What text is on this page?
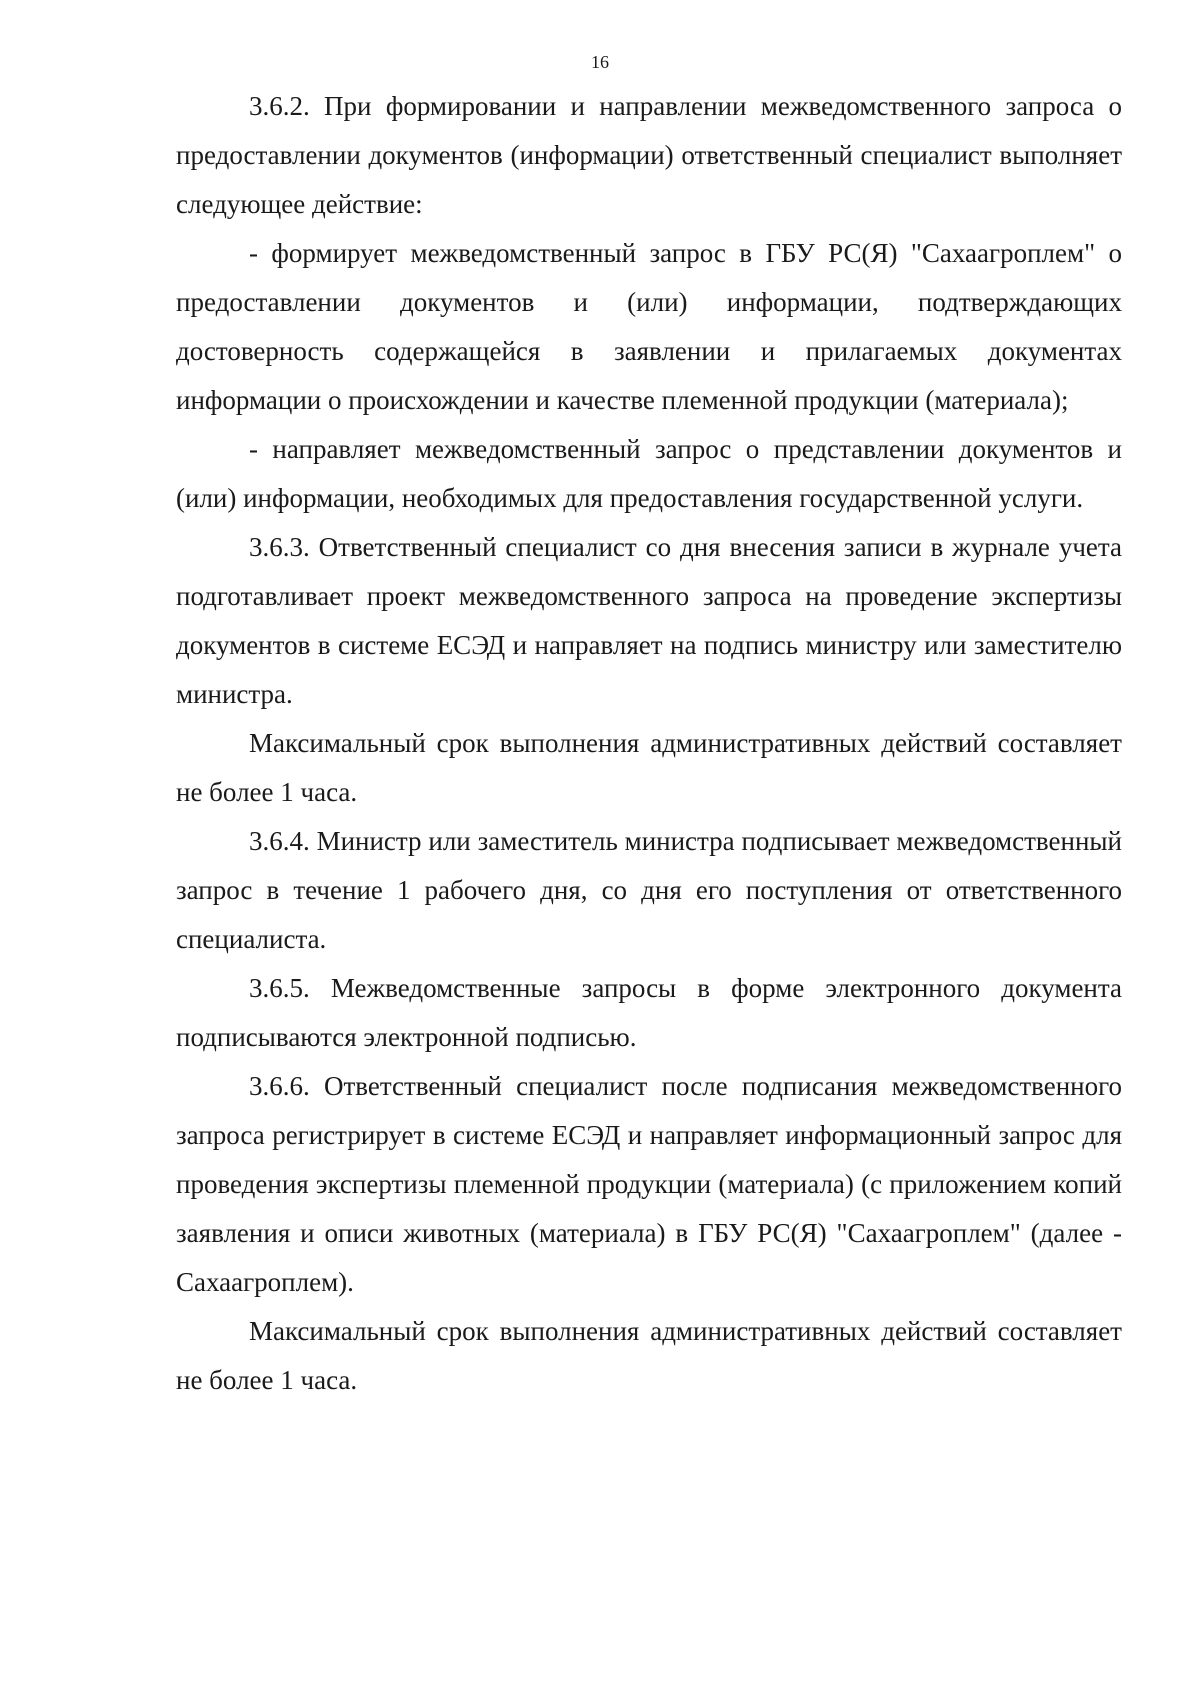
16

3.6.2. При формировании и направлении межведомственного запроса о предоставлении документов (информации) ответственный специалист выполняет следующее действие:

- формирует межведомственный запрос в ГБУ РС(Я) "Сахаагроплем" о предоставлении документов и (или) информации, подтверждающих достоверность содержащейся в заявлении и прилагаемых документах информации о происхождении и качестве племенной продукции (материала);

- направляет межведомственный запрос о представлении документов и (или) информации, необходимых для предоставления государственной услуги.

3.6.3. Ответственный специалист со дня внесения записи в журнале учета подготавливает проект межведомственного запроса на проведение экспертизы документов в системе ЕСЭД и направляет на подпись министру или заместителю министра.

Максимальный срок выполнения административных действий составляет не более 1 часа.

3.6.4. Министр или заместитель министра подписывает межведомственный запрос в течение 1 рабочего дня, со дня его поступления от ответственного специалиста.

3.6.5. Межведомственные запросы в форме электронного документа подписываются электронной подписью.

3.6.6. Ответственный специалист после подписания межведомственного запроса регистрирует в системе ЕСЭД и направляет информационный запрос для проведения экспертизы племенной продукции (материала) (с приложением копий заявления и описи животных (материала) в ГБУ РС(Я) "Сахаагроплем" (далее - Сахаагроплем).

Максимальный срок выполнения административных действий составляет не более 1 часа.
